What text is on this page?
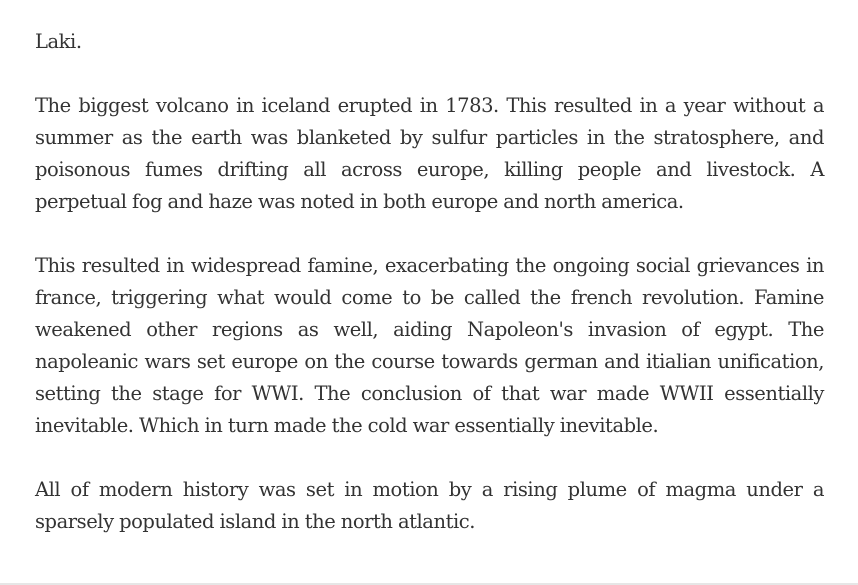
Laki.

The biggest volcano in iceland erupted in 1783. This resulted in a year without a summer as the earth was blanketed by sulfur particles in the stratosphere, and poisonous fumes drifting all across europe, killing people and livestock. A perpetual fog and haze was noted in both europe and north america.

This resulted in widespread famine, exacerbating the ongoing social grievances in france, triggering what would come to be called the french revolution. Famine weakened other regions as well, aiding Napoleon's invasion of egypt. The napoleanic wars set europe on the course towards german and itialian unification, setting the stage for WWI. The conclusion of that war made WWII essentially inevitable. Which in turn made the cold war essentially inevitable.

All of modern history was set in motion by a rising plume of magma under a sparsely populated island in the north atlantic.
